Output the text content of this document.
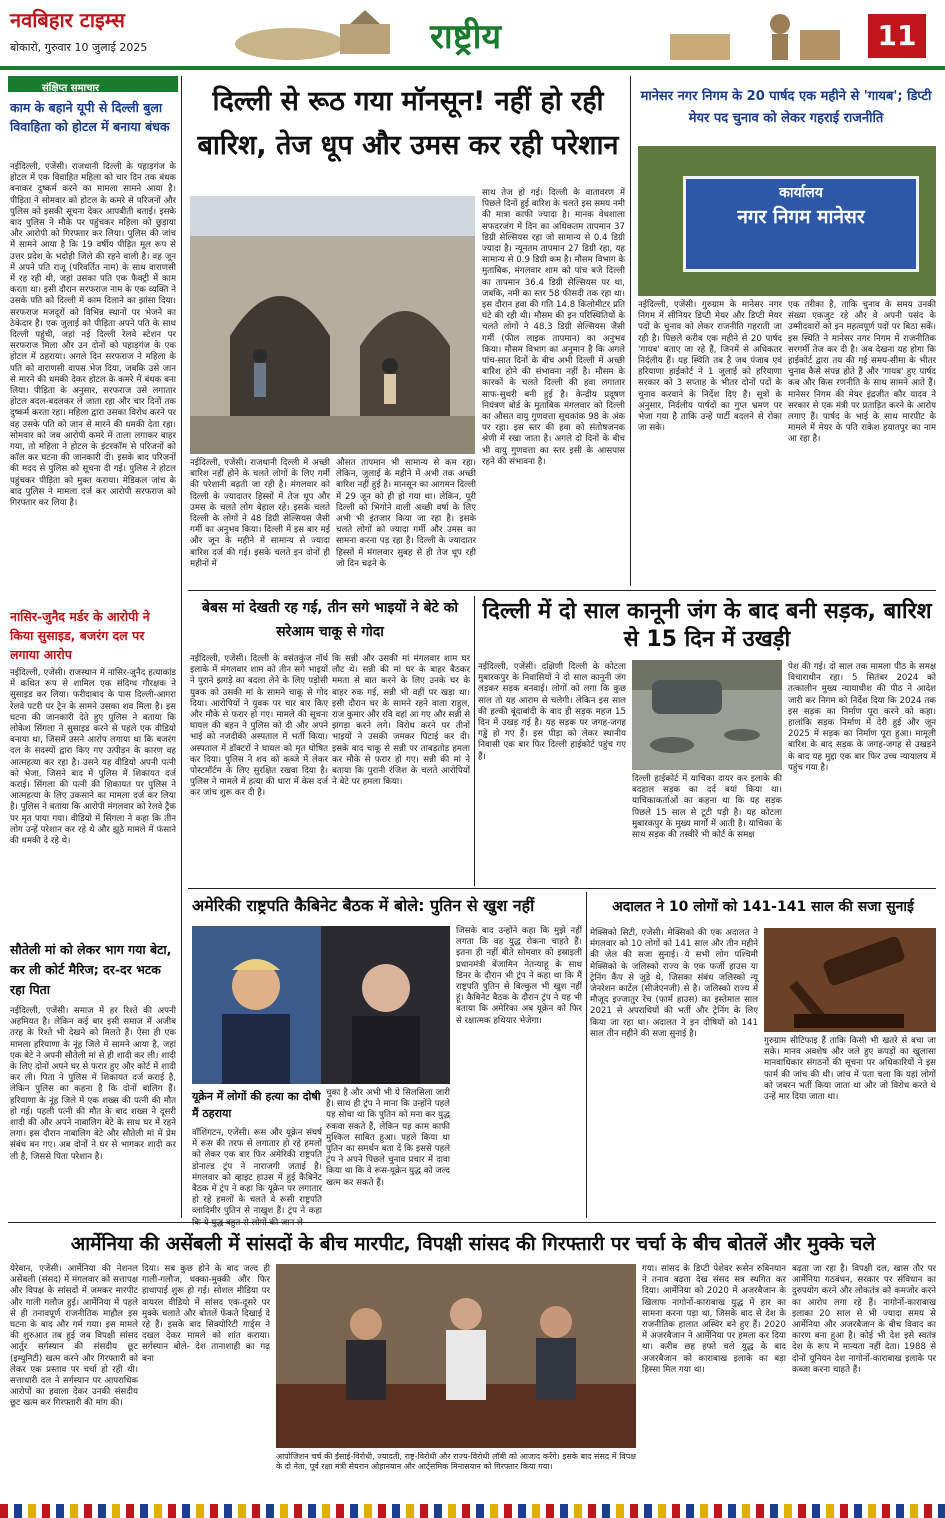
नवबिहार टाइम्स
बोकारो, गुरुवार 10 जुलाई 2025	राष्ट्रीय	11
संक्षिप्त समाचार
काम के बहाने यूपी से दिल्ली बुला विवाहिता को होटल में बनाया बंधक
नईदिल्ली, एजेंसी। राजधानी दिल्ली के पहाड़गंज के होटल में एक विवाहित महिला को चार दिन तक बंधक बनाकर दुष्कर्म करने का मामला सामने आया है। पीड़िता ने सोमवार को होटल के कमरे से परिजनों और पुलिस को इसकी सूचना देकर आपबीती बताई। इसके बाद पुलिस ने मौके पर पहुंचकर महिला को छुड़ाया और आरोपी को गिरफ्तार कर लिया। पुलिस की जांच में सामने आया है कि 19 वर्षीय पीड़ित मूल रूप से उत्तर प्रदेश के भदोही जिले की रहने वाली है। वह जून में अपने पति राजू (परिवर्तित नाम) के साथ वाराणसी में रह रही थी, जहां उसका पति एक फैक्ट्री में काम करता था। इसी दौरान सरफराज नाम के एक व्यक्ति ने उसके पति को दिल्ली में काम दिलाने का झांसा दिया। सरफराज मजदूरों को विभिन्न स्थानों पर भेजने का ठेकेदार है। एक जुलाई को पीड़िता अपने पति के साथ दिल्ली पहुंची, जहां नई दिल्ली रेलवे स्टेशन पर सरफराज मिला और उन दोनों को पहाड़गंज के एक होटल में ठहराया। अगले दिन सरफराज ने महिला के पति को वाराणसी वापस भेज दिया, जबकि उसे जान से मारने की धमकी देकर होटल के कमरे में बंधक बना लिया। पीड़िता के अनुसार, सरफराज उसे लगातार होटल बदल-बदलकर ले जाता रहा और चार दिनों तक दुष्कर्म करता रहा। महिला द्वारा उसका विरोध करने पर वह उसके पति को जान से मारने की धमकी देता रहा। सोमवार को जब आरोपी कमरे में ताला लगाकर बाहर गया, तो महिला ने होटल के इंटरकॉम से परिजनों को कॉल कर घटना की जानकारी दी। इसके बाद परिजनों की मदद से पुलिस को सूचना दी गई। पुलिस ने होटल पहुंचकर पीड़िता को मुक्त कराया। मेडिकल जांच के बाद पुलिस ने मामला दर्ज कर आरोपी सरफराज को गिरफ्तार कर लिया है।
नासिर-जुनैद मर्डर के आरोपी ने किया सुसाइड, बजरंग दल पर लगाया आरोप
नईदिल्ली, एजेंसी। राजस्थान में नासिर-जुनैद हत्याकांड में कथित रूप से शामिल एक संदिग्ध गौरक्षक ने सुसाइड कर लिया। फरीदाबाद के पास दिल्ली-आगरा रेलवे पटरी पर ट्रेन के सामने उसका शव मिला है। इस घटना की जानकारी देते हुए पुलिस ने बताया कि लोकेश सिंगला ने सुसाइड करने से पहले एक वीडियो बनाया था, जिसमें उसने आरोप लगाया था कि बजरंग दल के सदस्यों द्वारा किए गए उत्पीड़न के कारण वह आत्महत्या कर रहा है। उसने यह वीडियो अपनी पत्नी को भेजा, जिसने बाद में पुलिस में शिकायत दर्ज कराई। सिंगला की पत्नी की शिकायत पर पुलिस ने आत्महत्या के लिए उकसाने का मामला दर्ज कर लिया है। पुलिस ने बताया कि आरोपी मंगलवार को रेलवे ट्रैक पर मृत पाया गया। वीडियो में सिंगला ने कहा कि तीन लोग उन्हें परेशान कर रहे थे और झूठे मामले में फंसाने की धमकी दे रहे थे।
सौतेली मां को लेकर भाग गया बेटा, कर ली कोर्ट मैरिज; दर-दर भटक रहा पिता
नईदिल्ली, एजेंसी। समाज में हर रिश्ते की अपनी अहमियत है। लेकिन कई बार इसी समाज में अजीब तरह के रिश्ते भी देखने को मिलते हैं। ऐसा ही एक मामला हरियाणा के नूंह जिले में सामने आया है, जहां एक बेटे ने अपनी सौतेली मां से ही शादी कर ली। शादी के लिए दोनों अपने घर से फरार हुए और कोर्ट में शादी कर ली। पिता ने पुलिस में शिकायत दर्ज कराई है, लेकिन पुलिस का कहना है कि दोनों बालिग हैं। हरियाणा के नूंह जिले में एक शख्स की पत्नी की मौत हो गई। पहली पत्नी की मौत के बाद शख्स ने दूसरी शादी की और अपने नाबालिग बेटे के साथ घर में रहने लगा। इस दौरान नाबालिग बेटे और सौतेली मां में प्रेम संबंध बन गए। अब दोनों ने घर से भागकर शादी कर ली है, जिससे पिता परेशान है।
दिल्ली से रूठ गया मॉनसून! नहीं हो रही बारिश, तेज धूप और उमस कर रही परेशान
नईदिल्ली, एजेंसी। राजधानी दिल्ली में अच्छी बारिश नहीं होने के चलते लोगों के लिए गर्मी की परेशानी बढ़ती जा रही है। मंगलवार को दिल्ली के ज्यादातर हिस्सों में तेज धूप और उमस के चलते लोग बेहाल रहे। इसके चलते दिल्ली के लोगों ने 48 डिग्री सेल्सियस जैसी गर्मी का अनुभव किया। दिल्ली में इस बार मई और जून के महीने में सामान्य से ज्यादा बारिश दर्ज की गई। इसके चलते इन दोनों ही महीनों में
औसत तापमान भी सामान्य से कम रहा। लेकिन, जुलाई के महीने में अभी तक अच्छी बारिश नहीं हुई है। मानसून का आगमन दिल्ली में 29 जून को ही हो गया था। लेकिन, पूरी दिल्ली को भिगोने वाली अच्छी वर्षा के लिए अभी भी इंतजार किया जा रहा है। इसके चलते लोगों को ज्यादा गर्मी और उमस का सामना करना पड़ रहा है। दिल्ली के ज्यादातर हिस्सों में मंगलवार सुबह से ही तेज धूप रही जो दिन चढ़ने के
साथ तेज हो गई। दिल्ली के वातावरण में पिछले दिनों हुई बारिश के चलते इस समय नमी की मात्रा काफी ज्यादा है। मानक वेधशाला सफदरजंग में दिन का अधिकतम तापमान 37 डिग्री सेल्सियस रहा जो सामान्य से 0.4 डिग्री ज्यादा है। न्यूनतम तापमान 27 डिग्री रहा, यह सामान्य से 0.9 डिग्री कम है। मौसम विभाग के मुताबिक, मंगलवार शाम को पांच बजे दिल्ली का तापमान 36.4 डिग्री सेल्सियस पर था, जबकि, नमी का स्तर 58 फीसदी तक रहा था। इस दौरान हवा की गति 14.8 किलोमीटर प्रति घंटे की रही थी। मौसम की इन परिस्थितियों के चलते लोगों ने 48.3 डिग्री सेल्सियस जैसी गर्मी (फील लाइक तापमान) का अनुभव किया। मौसम विभाग का अनुमान है कि अगले पांच-सात दिनों के बीच अभी दिल्ली में अच्छी बारिश होने की संभावना नहीं है। मौसम के कारकों के चलते दिल्ली की हवा लगातार साफ-सुथरी बनी हुई है। केन्द्रीय प्रदूषण नियंत्रण बोर्ड के मुताबिक मंगलवार को दिल्ली का औसत वायु गुणवत्ता सूचकांक 98 के अंक पर रहा। इस स्तर की हवा को संतोषजनक श्रेणी में रखा जाता है। अगले दो दिनों के बीच भी वायु गुणवत्ता का स्तर इसी के आसपास रहने की संभावना है।
मानेसर नगर निगम के 20 पार्षद एक महीने से 'गायब'; डिप्टी मेयर पद चुनाव को लेकर गहराई राजनीति
कार्यालय
नगर निगम मानेसर
नईदिल्ली, एजेंसी। गुरुग्राम के मानेसर नगर निगम में सीनियर डिप्टी मेयर और डिप्टी मेयर पदों के चुनाव को लेकर राजनीति गहराती जा रही है। पिछले करीब एक महीने से 20 पार्षद 'गायब' बताए जा रहे हैं, जिनमें से अधिकतर निर्दलीय हैं। यह स्थिति तब है जब पंजाब एवं हरियाणा हाईकोर्ट ने 1 जुलाई को हरियाणा सरकार को 3 सप्ताह के भीतर दोनों पदों के चुनाव करवाने के निर्देश दिए हैं। सूत्रों के अनुसार, निर्दलीय पार्षदों का गुप्त भ्रमण पर भेजा गया है ताकि उन्हें पार्टी बदलने से रोका जा सके।
एक तरीका है, ताकि चुनाव के समय उनकी संख्या एकजुट रहे और वे अपनी पसंद के उम्मीदवारों को इन महत्वपूर्ण पदों पर बिठा सकें। इस स्थिति ने मानेसर नगर निगम में राजनीतिक सरगर्मी तेज कर दी है। अब देखना यह होगा कि हाईकोर्ट द्वारा तय की गई समय-सीमा के भीतर चुनाव कैसे संपन्न होते हैं और 'गायब' हुए पार्षद कब और किस रणनीति के साथ सामने आते हैं। मानेसर निगम की मेयर इंद्रजीत कौर यादव ने सरकार से एक मंत्री पर प्रताड़ित करने के आरोप लगाए हैं। पार्षद के भाई के साथ मारपीट के मामले में मेयर के पति राकेश हयातपुर का नाम आ रहा है।
बेबस मां देखती रह गई, तीन सगे भाइयों ने बेटे को सरेआम चाकू से गोदा
नईदिल्ली, एजेंसी। दिल्ली के वसंतकुंज नॉर्थ इलाके में मंगलवार शाम को तीन सगे भाइयों ने पुराने झगड़े का बदला लेने के लिए पड़ोसी युवक को उसकी मां के सामने चाकू से गोद दिया। आरोपियों ने युवक पर चार बार किए और मौके से फरार हो गए। मामले की सूचना घायल की बहन ने पुलिस को दी और अपने भाई को नजदीकी अस्पताल में भर्ती किया। अस्पताल में डॉक्टरों ने घायल को मृत घोषित कर दिया। पुलिस ने शव को कब्जे में लेकर पोस्टमॉर्टम के लिए सुरक्षित रखवा दिया है। पुलिस ने मामले में हत्या की धारा में केस दर्ज कर जांच शुरू कर दी है।
कि सन्नी और उसकी मां मंगलवार शाम घर लौट थे। सन्नी की मां घर के बाहर बैठकर ममता से बात करने के लिए उनके घर के बाहर रुक गई, सन्नी भी वहीं पर खड़ा था। इसी दौरान घर के सामने रहने वाला राहुल, राज कुमार और रवि वहां आ गए और सन्नी से झगड़ा करने लगे। विरोध करने पर तीनों भाइयों ने उसकी जमकर पिटाई कर दी। इसके बाद चाकू से सन्नी पर ताबड़तोड़ हमला कर मौके से फरार हो गए। सन्नी की मां ने बताया कि पुरानी रंजिश के चलते आरोपियों ने बेटे पर हमला किया।
दिल्ली में दो साल कानूनी जंग के बाद बनी सड़क, बारिश से 15 दिन में उखड़ी
नईदिल्ली, एजेंसी। दक्षिणी दिल्ली के कोटला मुबारकपुर के निवासियों ने दो साल कानूनी जंग लड़कर सड़क बनवाई। लोगों को लगा कि कुछ साल तो यह आराम से चलेगी। लेकिन इस साल की हल्की बूंदाबांदी के बाद ही सड़क महज 15 दिन में उखड़ गई है। यह सड़क पर जगह-जगह गड्ढे हो गए हैं। इस पीड़ा को लेकर स्थानीय निवासी एक बार फिर दिल्ली हाईकोर्ट पहुंच गए हैं।
दिल्ली हाईकोर्ट में याचिका दायर कर इलाके की बदहाल सड़क का दर्द बयां किया था। याचिकाकर्ताओं का कहना था कि यह सड़क पिछले 15 साल से टूटी पड़ी है। यह कोटला मुबारकपुर के मुख्य मार्गों में आती है। याचिका के साथ सड़क की तस्वीरें भी कोर्ट के समक्ष
पेश की गई। दो साल तक मामला पीठ के समक्ष विचाराधीन रहा। 5 सितंबर 2024 को तत्कालीन मुख्य न्यायाधीश की पीठ ने आदेश जारी कर निगम को निर्देश दिया कि 2024 तक इस सड़क का निर्माण पूरा करने को कहा। हालांकि सड़क निर्माण में देरी हुई और जून 2025 में सड़क का निर्माण पूरा हुआ। मामूली बारिश के बाद सड़क के जगह-जगह से उखड़ने के बाद यह मुद्दा एक बार फिर उच्च न्यायालय में पहुंच गया है।
अमेरिकी राष्ट्रपति कैबिनेट बैठक में बोले: पुतिन से खुश नहीं
यूक्रेन में लोगों की हत्या का दोषी मैं ठहराया
वॉशिंगटन, एजेंसी। रूस और यूक्रेन संघर्ष में रूस की तरफ से लगातार हो रहे हमलों को लेकर एक बार फिर अमेरिकी राष्ट्रपति डोनाल्ड ट्रंप ने नाराजगी जताई है। मंगलवार को व्हाइट हाउस में हुई कैबिनेट बैठक में ट्रंप ने कहा कि यूक्रेन पर लगातार हो रहे हमलों के चलते वे रूसी राष्ट्रपति व्लादिमीर पुतिन से नाखुश हैं। ट्रंप ने कहा
चुका है और अभी भी ये सिलसिला जारी है। साथ ही ट्रंप ने माना कि उन्होंने पहले यह सोचा था कि पुतिन को मना कर युद्ध रुकवा सकते हैं, लेकिन यह काम काफी मुश्किल साबित हुआ। पहले किया था पुतिन का समर्थन बता दें कि इससे पहले ट्रंप ने अपने पिछले चुनाव प्रचार में दावा किया था कि वे रूस-यूक्रेन युद्ध को जल्द खत्म कर सकते हैं।
जिसके बाद उन्होंने कहा कि मुझे नहीं लगता कि वह युद्ध रोकना चाहते हैं। इतना ही नहीं बीते सोमवार को इस्राइली प्रधानमंत्री बेंजामिन नेतन्याहू के साथ डिनर के दौरान भी ट्रंप ने कहा था कि मैं राष्ट्रपति पुतिन से बिल्कुल भी खुश नहीं हूं। कैबिनेट बैठक के दौरान ट्रंप ने यह भी बताया कि अमेरिका अब यूक्रेन को फिर से रक्षात्मक हथियार भेजेगा।
अदालत ने 10 लोगों को 141-141 साल की सजा सुनाई
मेक्सिको सिटी, एजेंसी। मेक्सिको की एक अदालत ने मंगलवार को 10 लोगों को 141 साल और तीन महीने की जेल की सजा सुनाई। ये सभी लोग पश्चिमी मेक्सिको के जलिस्को राज्य के एक फर्जी हाउस या ट्रेनिंग कैंप से जुड़े थे, जिसका संबंध जलिस्को न्यू जेनरेशन कार्टेल (सीजेएनजी) से है। जलिस्को राज्य में मौजूद इज्जातुर रेंच (फार्म हाउस) का इस्तेमाल साल 2021 से अपराधियों की भर्ती और ट्रेनिंग के लिए किया जा रहा था। अदालत ने इन दोषियों को 141 साल तीन महीने की सजा सुनाई है।
गुरुग्राम सीटिफाइ हैं ताकि किसी भी खतरे से बचा जा सके। मानव अवशेष और जले हुए कपड़ों का खुलासा मानवाधिकार संगठनों की सूचना पर अधिकारियों ने इस फार्म की जांच की थी। जांच में पता चला कि यहां लोगों को जबरन भर्ती किया जाता था और जो विरोध करते थे उन्हें मार दिया जाता था।
आर्मेनिया की असेंबली में सांसदों के बीच मारपीट, विपक्षी सांसद की गिरफ्तारी पर चर्चा के बीच बोतलें और मुक्के चले
येरेवान, एजेंसी। आर्मेनिया की नेशनल असेंबली (संसद) में मंगलवार को सत्तापक्ष और विपक्ष के सांसदों में जमकर मारपीट और गाली गलौज हुई। आर्मेनिया में पहले से ही तनावपूर्ण राजनीतिक माहौल इस घटना के बाद और गर्म गया। इस मामले की शुरुआत तब हुई जब विपक्षी सांसद आर्तुर सर्गस्यान की संसदीय छूट (इम्युनिटी) खत्म करने और गिरफ्तारी को लेकर एक प्रस्ताव पर चर्चा हो रही थी। सत्ताधारी दल ने सर्गस्यान पर आपराधिक आरोपों का हवाला देकर उनकी संसदीय छूट खत्म कर गिरफ्तारी की मांग की।
दिया। सब कुछ होने के बाद जल्द ही गाली-गलौज, धक्का-मुक्की और फिर हाथापाई शुरू हो गई। सोशल मीडिया पर वायरल वीडियो में सांसद एक-दूसरे पर मुक्के चलाते और बोतलें फेंकते दिखाई दे रहे हैं। इसके बाद सिक्योरिटी गार्ड्स ने दखल देकर मामले को शांत कराया। सर्गस्यान बोले- देश तानाशाही का गढ़ बना
आपोजिशन चर्च की ईसाई-विरोधी, ज्यादती, राष्ट्र-विरोधी और राज्य-विरोधी लॉबी को आजाद करेंगे। इसके बाद संसद में विपक्ष के दो नेता, पूर्व रक्षा मंत्री सेयरान ओहानयान और आर्ट्समिक मिनासयान को गिरफ्तार किया गया।
गया। सांसद के डिप्टी पेशेवर रूसेन रुबिनयान ने तनाव बढ़ता देख संसद सत्र स्थगित कर दिया। आर्मेनिया को 2020 में अजरबैजान के खिलाफ नागोर्नो-काराबाख युद्ध में हार का सामना करना पड़ा था, जिसके बाद से देश के राजनीतिक हालात अस्थिर बने हुए हैं। 2020 में अजरबैजान ने आर्मेनिया पर हमला कर दिया था। करीब छह हफ्ते चले युद्ध के बाद अजरबैजान को काराबाख इलाके का बड़ा हिस्सा मिल गया था।
बढ़ता जा रहा है। विपक्षी दल, खास तौर पर आर्मेनिया गठबंधन, सरकार पर संविधान का दुरुपयोग करने और लोकतंत्र को कमजोर करने का आरोप लगा रहे हैं। नागोर्नो-काराबाख इलाका 20 साल से भी ज्यादा समय से आर्मेनिया और अजरबैजान के बीच विवाद का कारण बना हुआ है। कोई भी देश इसे स्वतंत्र देश के रूप में मान्यता नहीं देता। 1988 से दोनों यूनियन देश नागोर्नो-काराबाख इलाके पर कब्जा करना चाहते हैं।
